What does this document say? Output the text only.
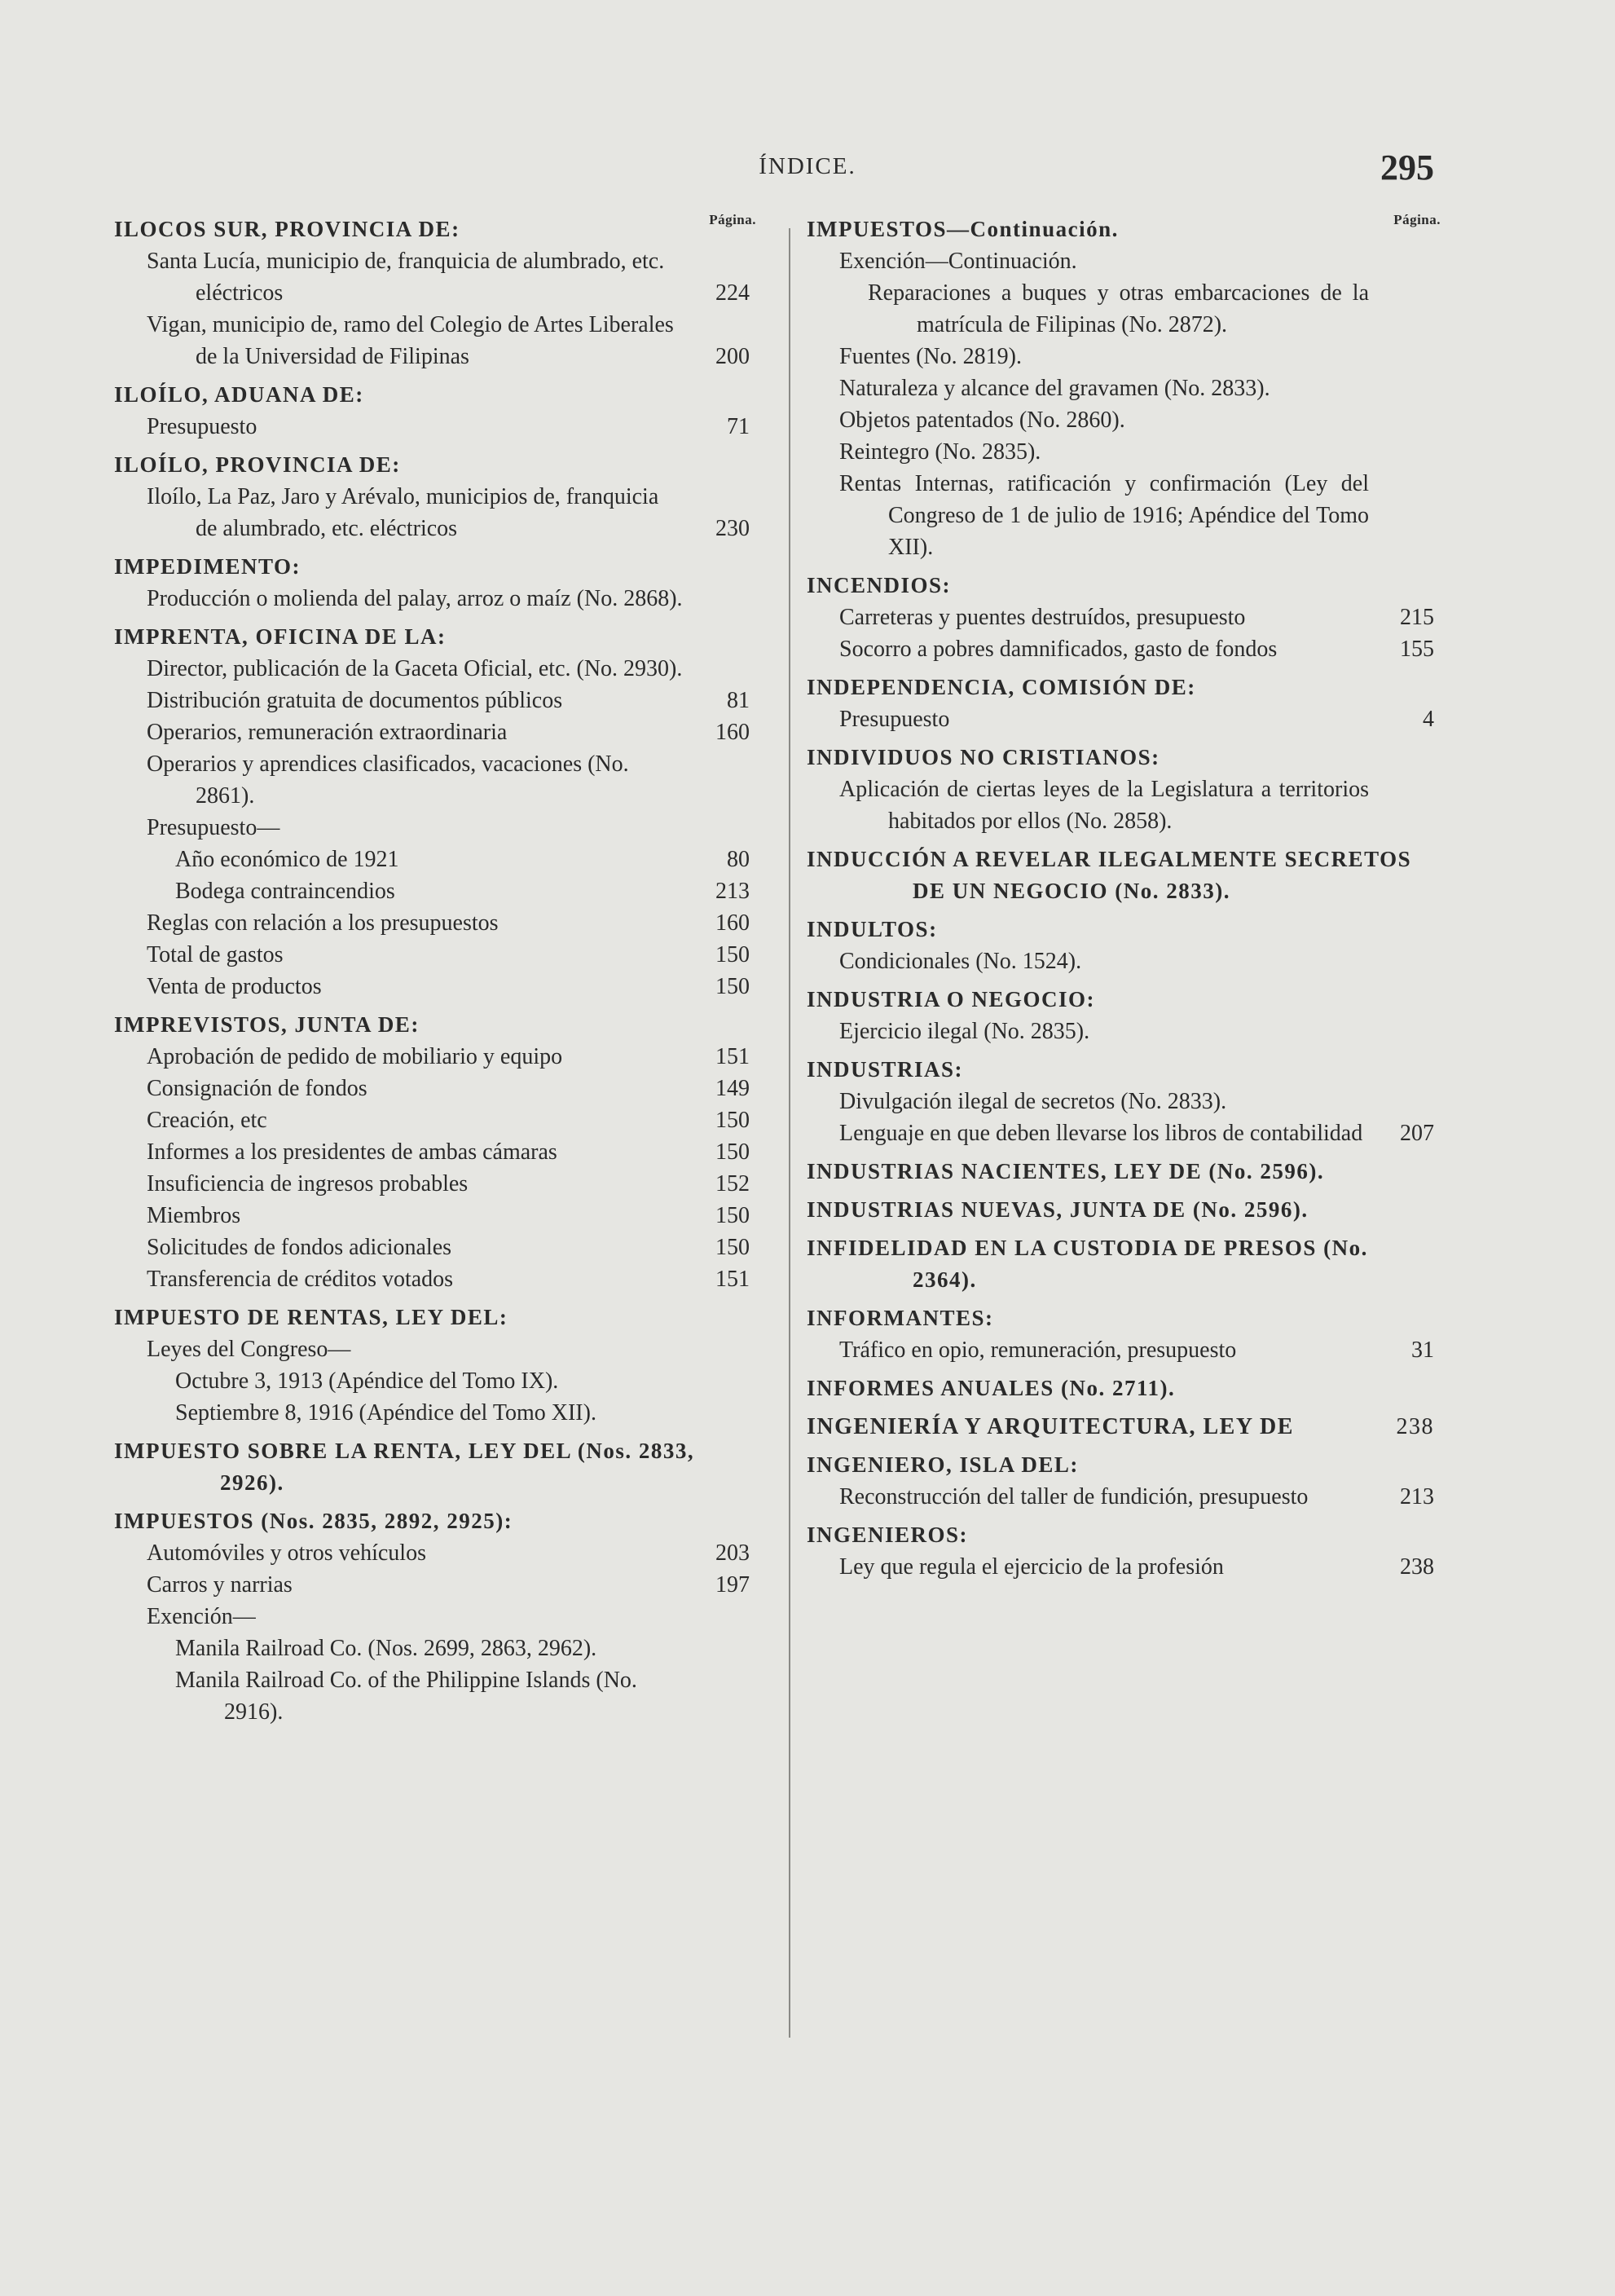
ÍNDICE.	295
Página.
ILOCOS SUR, PROVINCIA DE:
Santa Lucía, municipio de, franquicia de alumbrado, etc. eléctricos	224
Vigan, municipio de, ramo del Colegio de Artes Liberales de la Universidad de Filipinas	200
ILOÍLO, ADUANA DE:
Presupuesto	71
ILOÍLO, PROVINCIA DE:
Iloílo, La Paz, Jaro y Arévalo, municipios de, franquicia de alumbrado, etc. eléctricos	230
IMPEDIMENTO:
Producción o molienda del palay, arroz o maíz (No. 2868).
IMPRENTA, OFICINA DE LA:
Director, publicación de la Gaceta Oficial, etc. (No. 2930).
Distribución gratuita de documentos públicos	81
Operarios, remuneración extraordinaria	160
Operarios y aprendices clasificados, vacaciones (No. 2861).
Presupuesto—
Año económico de 1921	80
Bodega contraincendios	213
Reglas con relación a los presupuestos	160
Total de gastos	150
Venta de productos	150
IMPREVISTOS, JUNTA DE:
Aprobación de pedido de mobiliario y equipo	151
Consignación de fondos	149
Creación, etc	150
Informes a los presidentes de ambas cámaras	150
Insuficiencia de ingresos probables	152
Miembros	150
Solicitudes de fondos adicionales	150
Transferencia de créditos votados	151
IMPUESTO DE RENTAS, LEY DEL:
Leyes del Congreso—
Octubre 3, 1913 (Apéndice del Tomo IX).
Septiembre 8, 1916 (Apéndice del Tomo XII).
IMPUESTO SOBRE LA RENTA, LEY DEL (Nos. 2833, 2926).
IMPUESTOS (Nos. 2835, 2892, 2925):
Automóviles y otros vehículos	203
Carros y narrias	197
Exención—
Manila Railroad Co. (Nos. 2699, 2863, 2962).
Manila Railroad Co. of the Philippine Islands (No. 2916).
Página.
IMPUESTOS—Continuación.
Exención—Continuación.
Reparaciones a buques y otras embarcaciones de la matrícula de Filipinas (No. 2872).
Fuentes (No. 2819).
Naturaleza y alcance del gravamen (No. 2833).
Objetos patentados (No. 2860).
Reintegro (No. 2835).
Rentas Internas, ratificación y confirmación (Ley del Congreso de 1 de julio de 1916; Apéndice del Tomo XII).
INCENDIOS:
Carreteras y puentes destruídos, presupuesto	215
Socorro a pobres damnificados, gasto de fondos	155
INDEPENDENCIA, COMISIÓN DE:
Presupuesto	4
INDIVIDUOS NO CRISTIANOS:
Aplicación de ciertas leyes de la Legislatura a territorios habitados por ellos (No. 2858).
INDUCCIÓN A REVELAR ILEGALMENTE SECRETOS DE UN NEGOCIO (No. 2833).
INDULTOS:
Condicionales (No. 1524).
INDUSTRIA O NEGOCIO:
Ejercicio ilegal (No. 2835).
INDUSTRIAS:
Divulgación ilegal de secretos (No. 2833).
Lenguaje en que deben llevarse los libros de contabilidad	207
INDUSTRIAS NACIENTES, LEY DE (No. 2596).
INDUSTRIAS NUEVAS, JUNTA DE (No. 2596).
INFIDELIDAD EN LA CUSTODIA DE PRESOS (No. 2364).
INFORMANTES:
Tráfico en opio, remuneración, presupuesto	31
INFORMES ANUALES (No. 2711).
INGENIERÍA Y ARQUITECTURA, LEY DE	238
INGENIERO, ISLA DEL:
Reconstrucción del taller de fundición, presupuesto	213
INGENIEROS:
Ley que regula el ejercicio de la profesión	238
